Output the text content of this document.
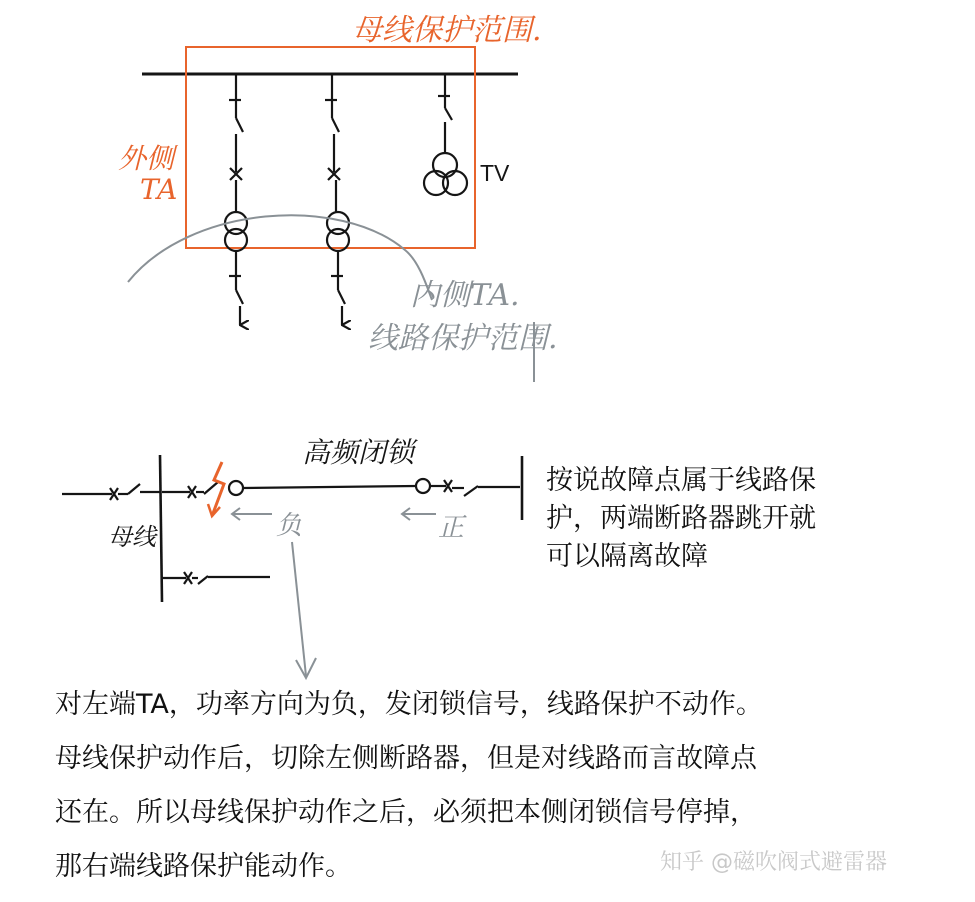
母线保护范围.
外侧
TA	TV
内侧TA.
线路保护范围.
高频闭锁
母线	负	正
按说故障点属于线路保
护，两端断路器跳开就
可以隔离故障
对左端TA，功率方向为负，发闭锁信号，线路保护不动作。
母线保护动作后，切除左侧断路器，但是对线路而言故障点
还在。所以母线保护动作之后，必须把本侧闭锁信号停掉，
那右端线路保护能动作。	知乎 @磁吹阀式避雷器
